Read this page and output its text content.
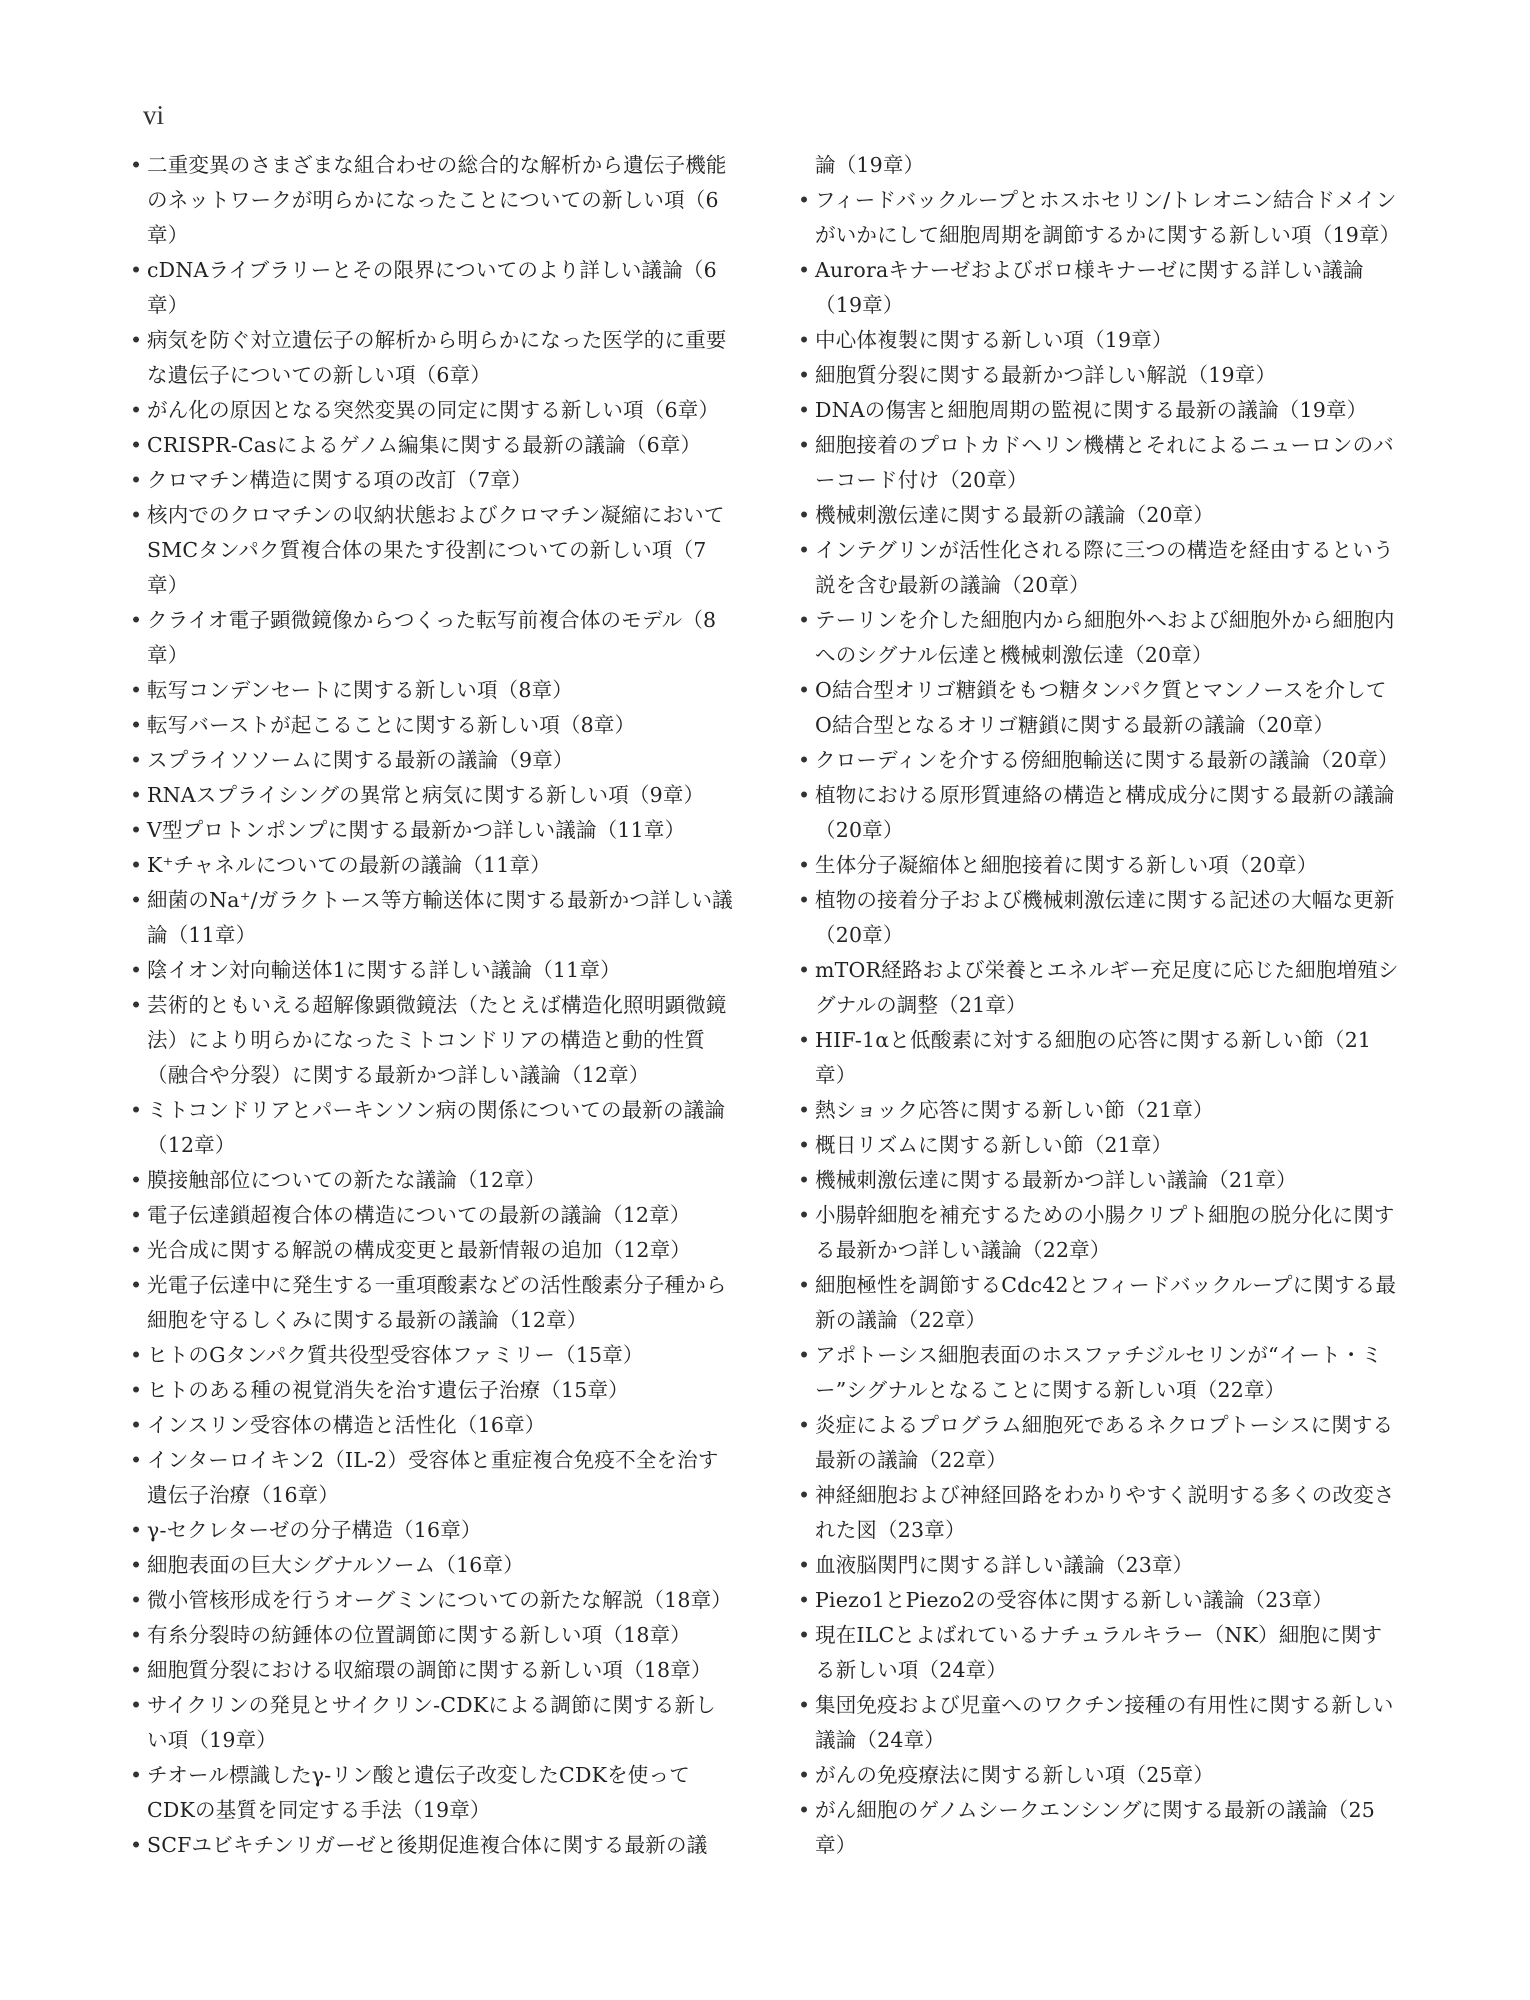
vi
• 二重変異のさまざまな組合わせの総合的な解析から遺伝子機能のネットワークが明らかになったことについての新しい項（6章）
• cDNAライブラリーとその限界についてのより詳しい議論（6章）
• 病気を防ぐ対立遺伝子の解析から明らかになった医学的に重要な遺伝子についての新しい項（6章）
• がん化の原因となる突然変異の同定に関する新しい項（6章）
• CRISPR-Casによるゲノム編集に関する最新の議論（6章）
• クロマチン構造に関する項の改訂（7章）
• 核内でのクロマチンの収納状態およびクロマチン凝縮においてSMCタンパク質複合体の果たす役割についての新しい項（7章）
• クライオ電子顕微鏡像からつくった転写前複合体のモデル（8章）
• 転写コンデンセートに関する新しい項（8章）
• 転写バーストが起こることに関する新しい項（8章）
• スプライソソームに関する最新の議論（9章）
• RNAスプライシングの異常と病気に関する新しい項（9章）
• V型プロトンポンプに関する最新かつ詳しい議論（11章）
• K⁺チャネルについての最新の議論（11章）
• 細菌のNa⁺/ガラクトース等方輸送体に関する最新かつ詳しい議論（11章）
• 陰イオン対向輸送体1に関する詳しい議論（11章）
• 芸術的ともいえる超解像顕微鏡法（たとえば構造化照明顕微鏡法）により明らかになったミトコンドリアの構造と動的性質（融合や分裂）に関する最新かつ詳しい議論（12章）
• ミトコンドリアとパーキンソン病の関係についての最新の議論（12章）
• 膜接触部位についての新たな議論（12章）
• 電子伝達鎖超複合体の構造についての最新の議論（12章）
• 光合成に関する解説の構成変更と最新情報の追加（12章）
• 光電子伝達中に発生する一重項酸素などの活性酸素分子種から細胞を守るしくみに関する最新の議論（12章）
• ヒトのGタンパク質共役型受容体ファミリー（15章）
• ヒトのある種の視覚消失を治す遺伝子治療（15章）
• インスリン受容体の構造と活性化（16章）
• インターロイキン2（IL-2）受容体と重症複合免疫不全を治す遺伝子治療（16章）
• γ-セクレターゼの分子構造（16章）
• 細胞表面の巨大シグナルソーム（16章）
• 微小管核形成を行うオーグミンについての新たな解説（18章）
• 有糸分裂時の紡錘体の位置調節に関する新しい項（18章）
• 細胞質分裂における収縮環の調節に関する新しい項（18章）
• サイクリンの発見とサイクリン-CDKによる調節に関する新しい項（19章）
• チオール標識したγ-リン酸と遺伝子改変したCDKを使ってCDKの基質を同定する手法（19章）
• SCFユビキチンリガーゼと後期促進複合体に関する最新の議
論（19章）
• フィードバックループとホスホセリン/トレオニン結合ドメインがいかにして細胞周期を調節するかに関する新しい項（19章）
• Auroraキナーゼおよびポロ様キナーゼに関する詳しい議論（19章）
• 中心体複製に関する新しい項（19章）
• 細胞質分裂に関する最新かつ詳しい解説（19章）
• DNAの傷害と細胞周期の監視に関する最新の議論（19章）
• 細胞接着のプロトカドヘリン機構とそれによるニューロンのバーコード付け（20章）
• 機械刺激伝達に関する最新の議論（20章）
• インテグリンが活性化される際に三つの構造を経由するという説を含む最新の議論（20章）
• テーリンを介した細胞内から細胞外へおよび細胞外から細胞内へのシグナル伝達と機械刺激伝達（20章）
• O結合型オリゴ糖鎖をもつ糖タンパク質とマンノースを介してO結合型となるオリゴ糖鎖に関する最新の議論（20章）
• クローディンを介する傍細胞輸送に関する最新の議論（20章）
• 植物における原形質連絡の構造と構成成分に関する最新の議論（20章）
• 生体分子凝縮体と細胞接着に関する新しい項（20章）
• 植物の接着分子および機械刺激伝達に関する記述の大幅な更新（20章）
• mTOR経路および栄養とエネルギー充足度に応じた細胞増殖シグナルの調整（21章）
• HIF-1αと低酸素に対する細胞の応答に関する新しい節（21章）
• 熱ショック応答に関する新しい節（21章）
• 概日リズムに関する新しい節（21章）
• 機械刺激伝達に関する最新かつ詳しい議論（21章）
• 小腸幹細胞を補充するための小腸クリプト細胞の脱分化に関する最新かつ詳しい議論（22章）
• 細胞極性を調節するCdc42とフィードバックループに関する最新の議論（22章）
• アポトーシス細胞表面のホスファチジルセリンが“イート・ミー”シグナルとなることに関する新しい項（22章）
• 炎症によるプログラム細胞死であるネクロプトーシスに関する最新の議論（22章）
• 神経細胞および神経回路をわかりやすく説明する多くの改変された図（23章）
• 血液脳関門に関する詳しい議論（23章）
• Piezo1とPiezo2の受容体に関する新しい議論（23章）
• 現在ILCとよばれているナチュラルキラー（NK）細胞に関する新しい項（24章）
• 集団免疫および児童へのワクチン接種の有用性に関する新しい議論（24章）
• がんの免疫療法に関する新しい項（25章）
• がん細胞のゲノムシークエンシングに関する最新の議論（25章）
